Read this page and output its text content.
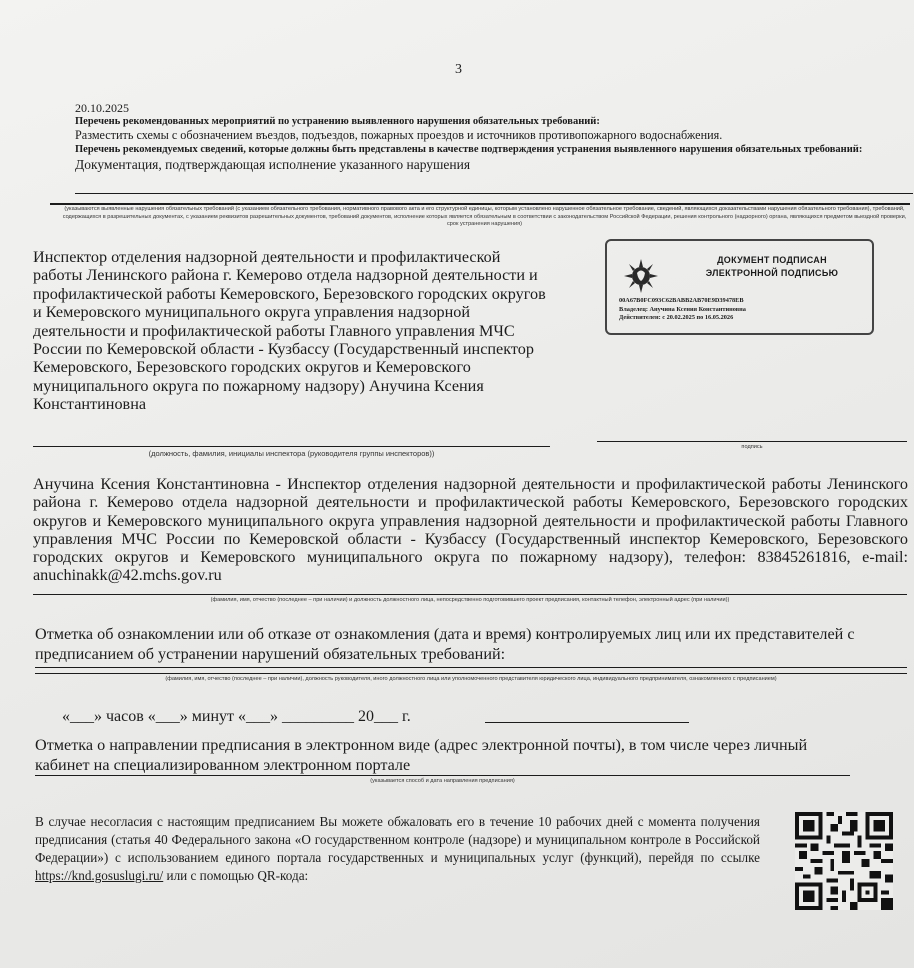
3
20.10.2025

Перечень рекомендованных мероприятий по устранению выявленного нарушения обязательных требований:

Разместить схемы с обозначением въездов, подъездов, пожарных проездов и источников противопожарного водоснабжения.

Перечень рекомендуемых сведений, которые должны быть представлены в качестве подтверждения устранения выявленного нарушения обязательных требований:

Документация, подтверждающая исполнение указанного нарушения

(указываются выявленные нарушения обязательных требований (с указанием обязательного требования, нормативного правового акта и его структурной единицы, которым установлено нарушенное обязательное требование, сведений, являющихся доказательствами нарушения обязательного требования), требований, содержащихся в разрешительных документах, с указанием реквизитов разрешительных документов, требований документов, исполнение которых является обязательным в соответствии с законодательством Российской Федерации, решения контрольного (надзорного) органа, являющихся предметом выездной проверки, срок устранения нарушения)
Инспектор отделения надзорной деятельности и профилактической работы Ленинского района г. Кемерово отдела надзорной деятельности и профилактической работы Кемеровского, Березовского городских округов и Кемеровского муниципального округа управления надзорной деятельности и профилактической работы Главного управления МЧС России по Кемеровской области - Кузбассу (Государственный инспектор Кемеровского, Березовского городских округов и Кемеровского муниципального округа по пожарному надзору) Анучина Ксения Константиновна
(должность, фамилия, инициалы инспектора (руководителя группы инспекторов))
подпись
ДОКУМЕНТ ПОДПИСАН
ЭЛЕКТРОННОЙ ПОДПИСЬЮ
00A67B0FC093C62BABB2AB70E9D39478EB
Владелец: Анучина Ксения Константиновна
Действителен: с 20.02.2025 по 16.05.2026
Анучина Ксения Константиновна - Инспектор отделения надзорной деятельности и профилактической работы Ленинского района г. Кемерово отдела надзорной деятельности и профилактической работы Кемеровского, Березовского городских округов и Кемеровского муниципального округа управления надзорной деятельности и профилактической работы Главного управления МЧС России по Кемеровской области - Кузбассу (Государственный инспектор Кемеровского, Березовского городских округов и Кемеровского муниципального округа по пожарному надзору), телефон: 83845261816, e-mail: anuchinakk@42.mchs.gov.ru
(фамилия, имя, отчество (последнее – при наличии) и должность должностного лица, непосредственно подготовившего проект предписания, контактный телефон, электронный адрес (при наличии))
Отметка об ознакомлении или об отказе от ознакомления (дата и время) контролируемых лиц или их представителей с предписанием об устранении нарушений обязательных требований:
(фамилия, имя, отчество (последнее – при наличии), должность руководителя, иного должностного лица или уполномоченного представителя юридического лица, индивидуального предпринимателя, ознакомленного с предписанием)
«___» часов «___» минут «___» _________ 20___ г.
Отметка о направлении предписания в электронном виде (адрес электронной почты), в том числе через личный кабинет на специализированном электронном портале
(указывается способ и дата направления предписания)
В случае несогласия с настоящим предписанием Вы можете обжаловать его в течение 10 рабочих дней с момента получения предписания (статья 40 Федерального закона «О государственном контроле (надзоре) и муниципальном контроле в Российской Федерации») с использованием единого портала государственных и муниципальных услуг (функций), перейдя по ссылке https://knd.gosuslugi.ru/ или с помощью QR-кода:
